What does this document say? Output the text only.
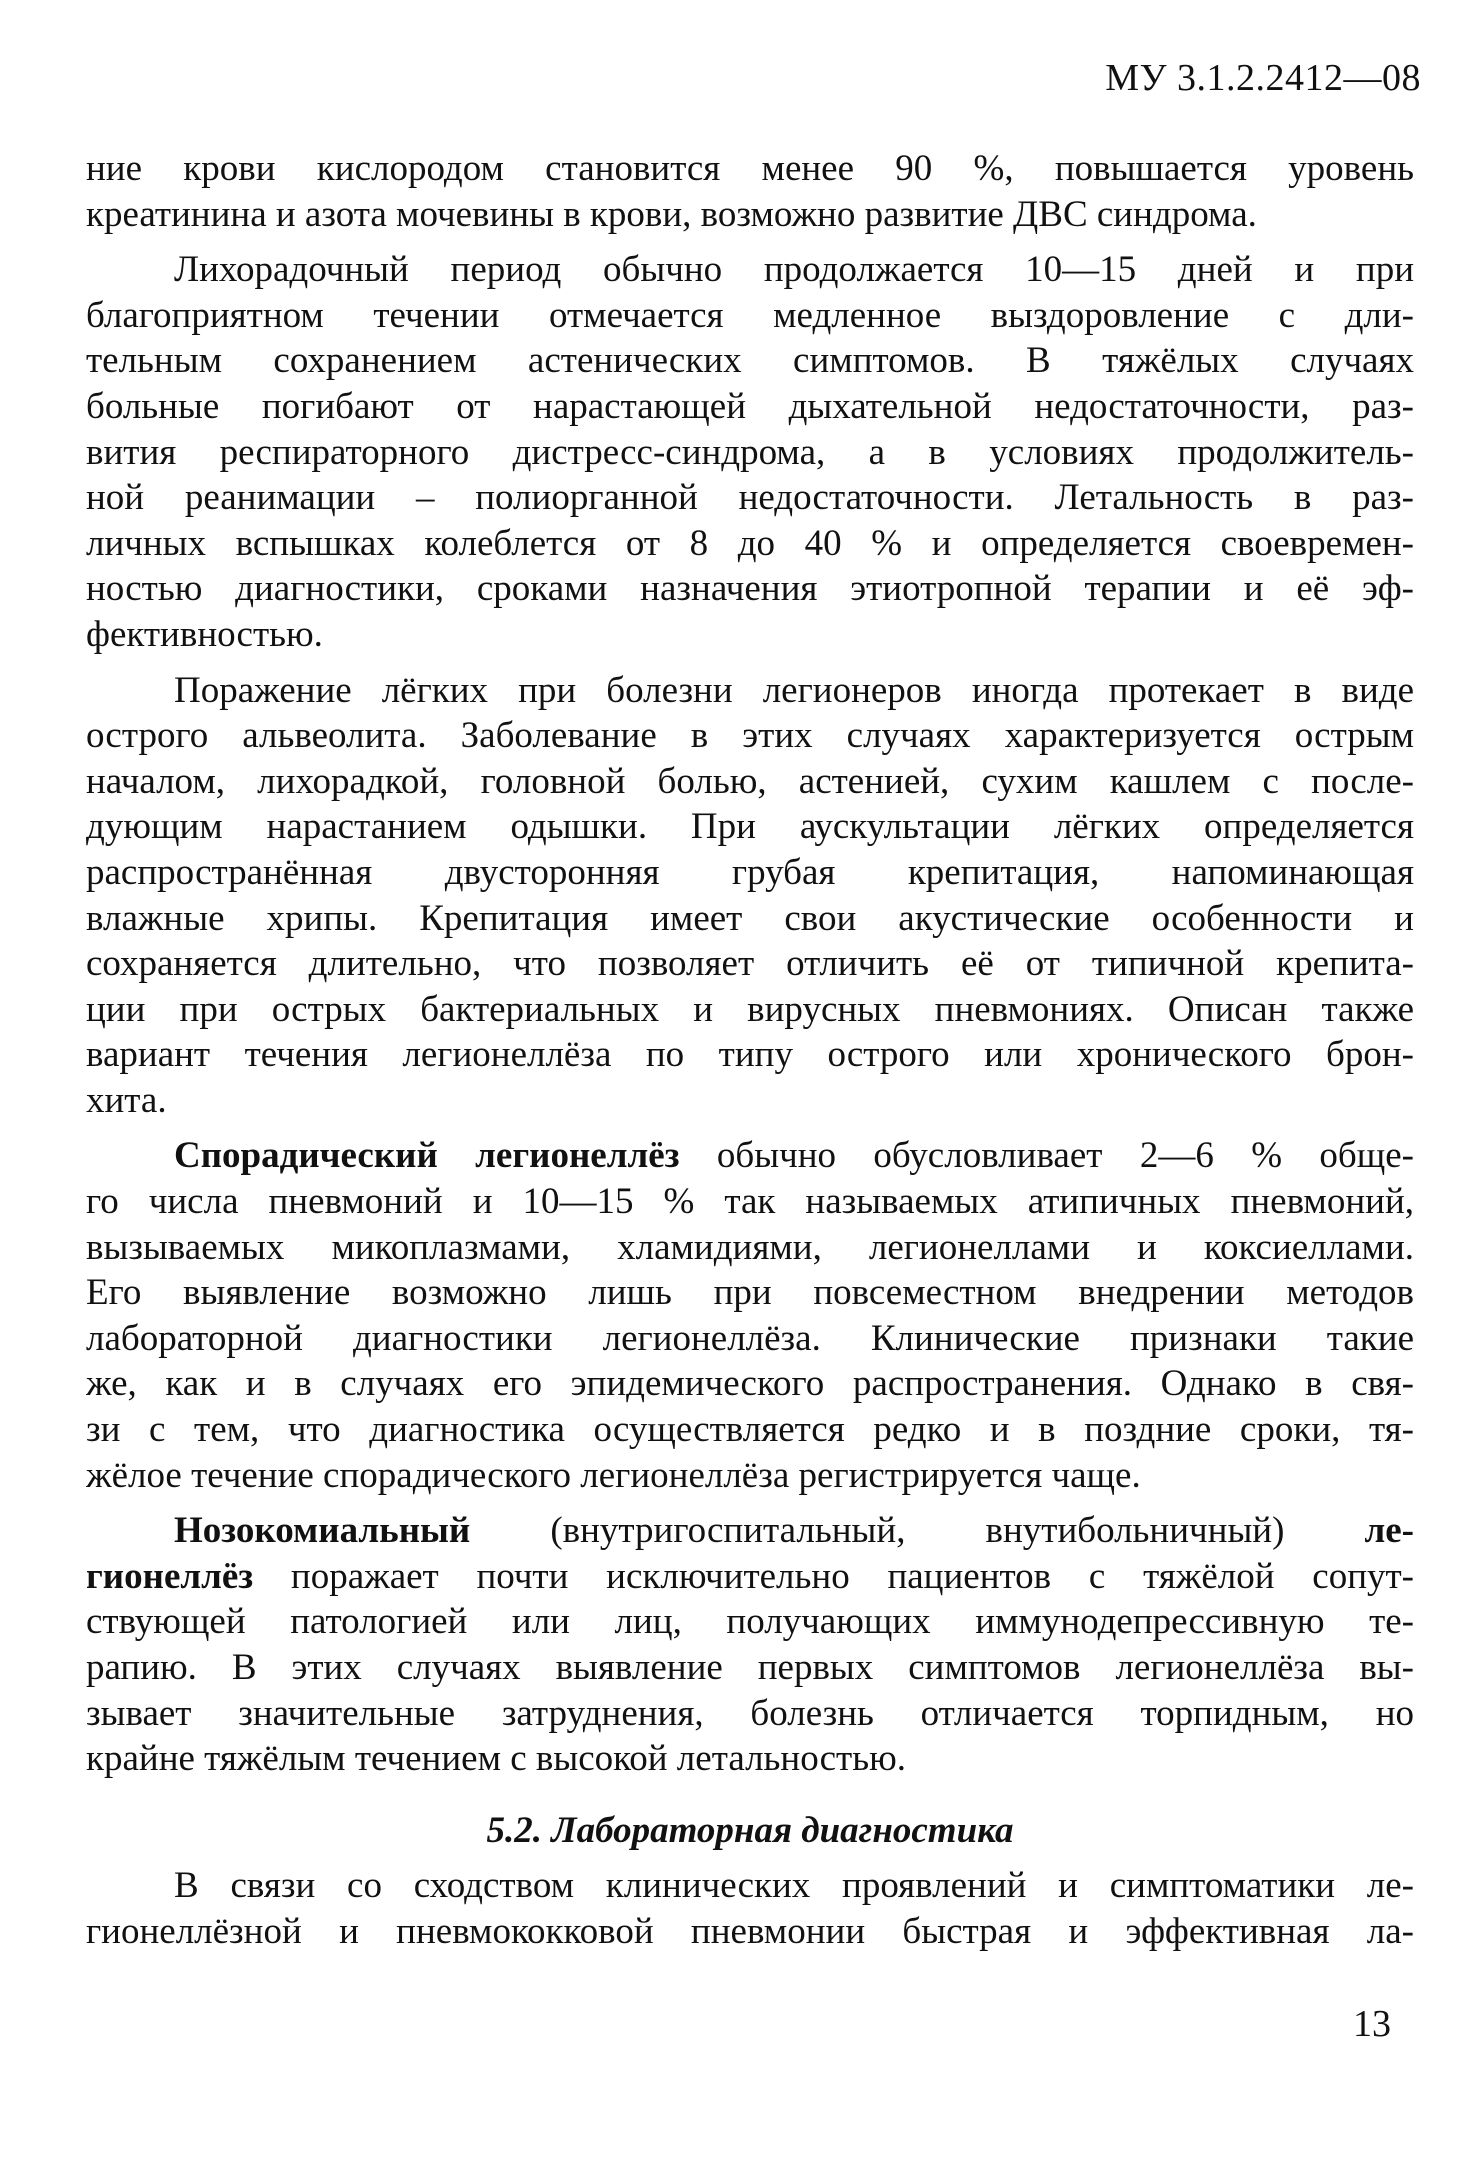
МУ 3.1.2.2412—08
ние крови кислородом становится менее 90 %, повышается уровень
креатинина и азота мочевины в крови, возможно развитие ДВС синдрома.
Лихорадочный период обычно продолжается 10—15 дней и при
благоприятном течении отмечается медленное выздоровление с дли-
тельным сохранением астенических симптомов. В тяжёлых случаях
больные погибают от нарастающей дыхательной недостаточности, раз-
вития респираторного дистресс-синдрома, а в условиях продолжитель-
ной реанимации – полиорганной недостаточности. Летальность в раз-
личных вспышках колеблется от 8 до 40 % и определяется своевремен-
ностью диагностики, сроками назначения этиотропной терапии и её эф-
фективностью.
Поражение лёгких при болезни легионеров иногда протекает в виде
острого альвеолита. Заболевание в этих случаях характеризуется острым
началом, лихорадкой, головной болью, астенией, сухим кашлем с после-
дующим нарастанием одышки. При аускультации лёгких определяется
распространённая двусторонняя грубая крепитация, напоминающая
влажные хрипы. Крепитация имеет свои акустические особенности и
сохраняется длительно, что позволяет отличить её от типичной крепита-
ции при острых бактериальных и вирусных пневмониях. Описан также
вариант течения легионеллёза по типу острого или хронического брон-
хита.
Спорадический легионеллёз обычно обусловливает 2—6 % обще-
го числа пневмоний и 10—15 % так называемых атипичных пневмоний,
вызываемых микоплазмами, хламидиями, легионеллами и коксиеллами.
Его выявление возможно лишь при повсеместном внедрении методов
лабораторной диагностики легионеллёза. Клинические признаки такие
же, как и в случаях его эпидемического распространения. Однако в свя-
зи с тем, что диагностика осуществляется редко и в поздние сроки, тя-
жёлое течение спорадического легионеллёза регистрируется чаще.
Нозокомиальный (внутригоспитальный, внутибольничный) ле-
гионеллёз поражает почти исключительно пациентов с тяжёлой сопут-
ствующей патологией или лиц, получающих иммунодепрессивную те-
рапию. В этих случаях выявление первых симптомов легионеллёза вы-
зывает значительные затруднения, болезнь отличается торпидным, но
крайне тяжёлым течением с высокой летальностью.
5.2. Лабораторная диагностика
В связи со сходством клинических проявлений и симптоматики ле-
гионеллёзной и пневмококковой пневмонии быстрая и эффективная ла-
13
